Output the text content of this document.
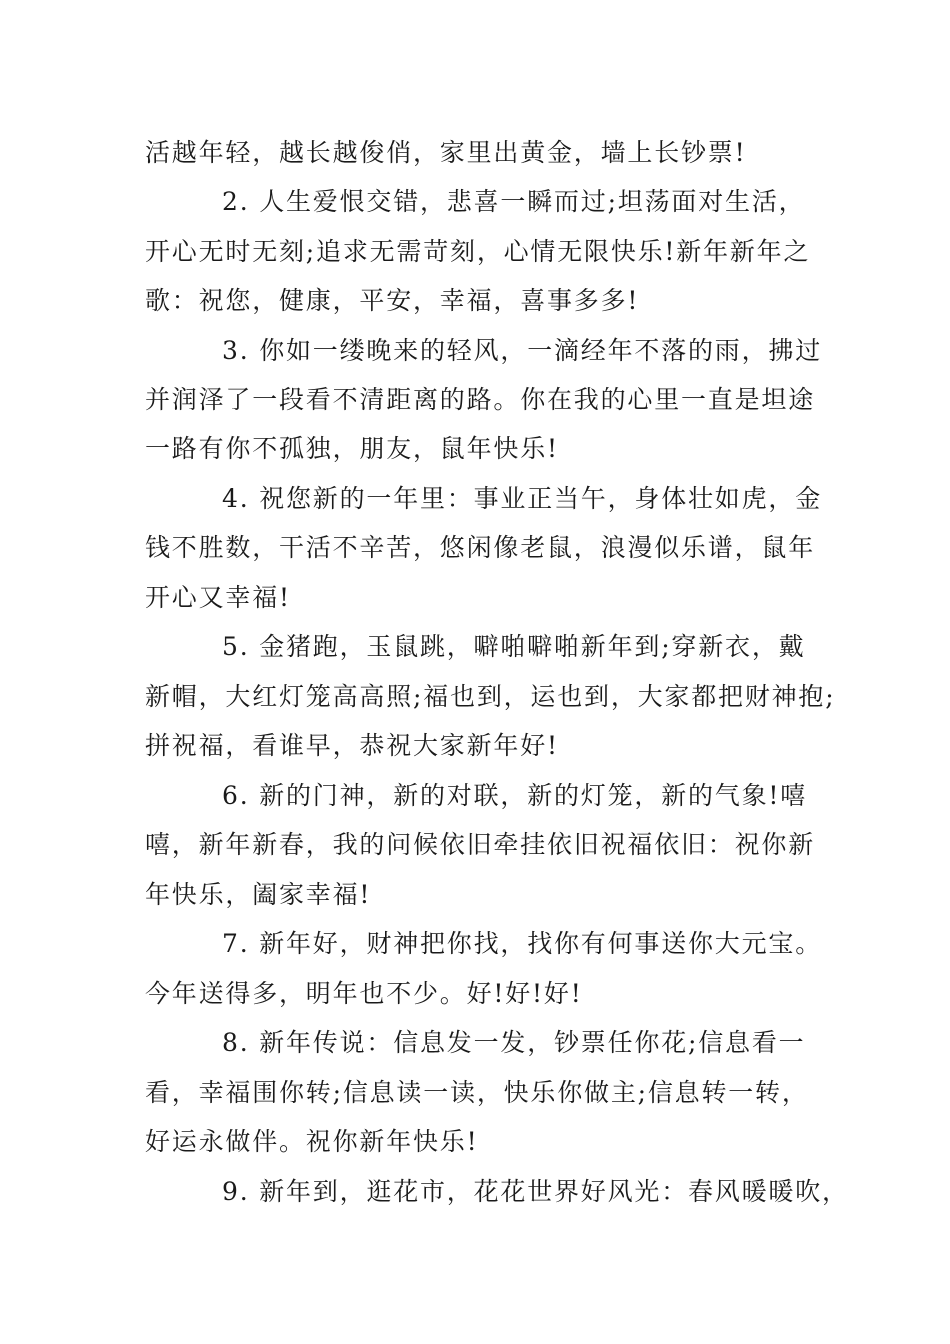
活越年轻，越长越俊俏，家里出黄金，墙上长钞票!
2. 人生爱恨交错，悲喜一瞬而过;坦荡面对生活，
开心无时无刻;追求无需苛刻，心情无限快乐!新年新年之
歌：祝您，健康，平安，幸福，喜事多多!
3. 你如一缕晚来的轻风，一滴经年不落的雨，拂过
并润泽了一段看不清距离的路。你在我的心里一直是坦途
一路有你不孤独，朋友，鼠年快乐!
4. 祝您新的一年里：事业正当午，身体壮如虎，金
钱不胜数，干活不辛苦，悠闲像老鼠，浪漫似乐谱，鼠年
开心又幸福!
5. 金猪跑，玉鼠跳，噼啪噼啪新年到;穿新衣，戴
新帽，大红灯笼高高照;福也到，运也到，大家都把财神抱;
拼祝福，看谁早，恭祝大家新年好!
6. 新的门神，新的对联，新的灯笼，新的气象!嘻
嘻，新年新春，我的问候依旧牵挂依旧祝福依旧：祝你新
年快乐，阖家幸福!
7. 新年好，财神把你找，找你有何事送你大元宝。
今年送得多，明年也不少。好!好!好!
8. 新年传说：信息发一发，钞票任你花;信息看一
看，幸福围你转;信息读一读，快乐你做主;信息转一转，
好运永做伴。祝你新年快乐!
9. 新年到，逛花市，花花世界好风光：春风暖暖吹，
